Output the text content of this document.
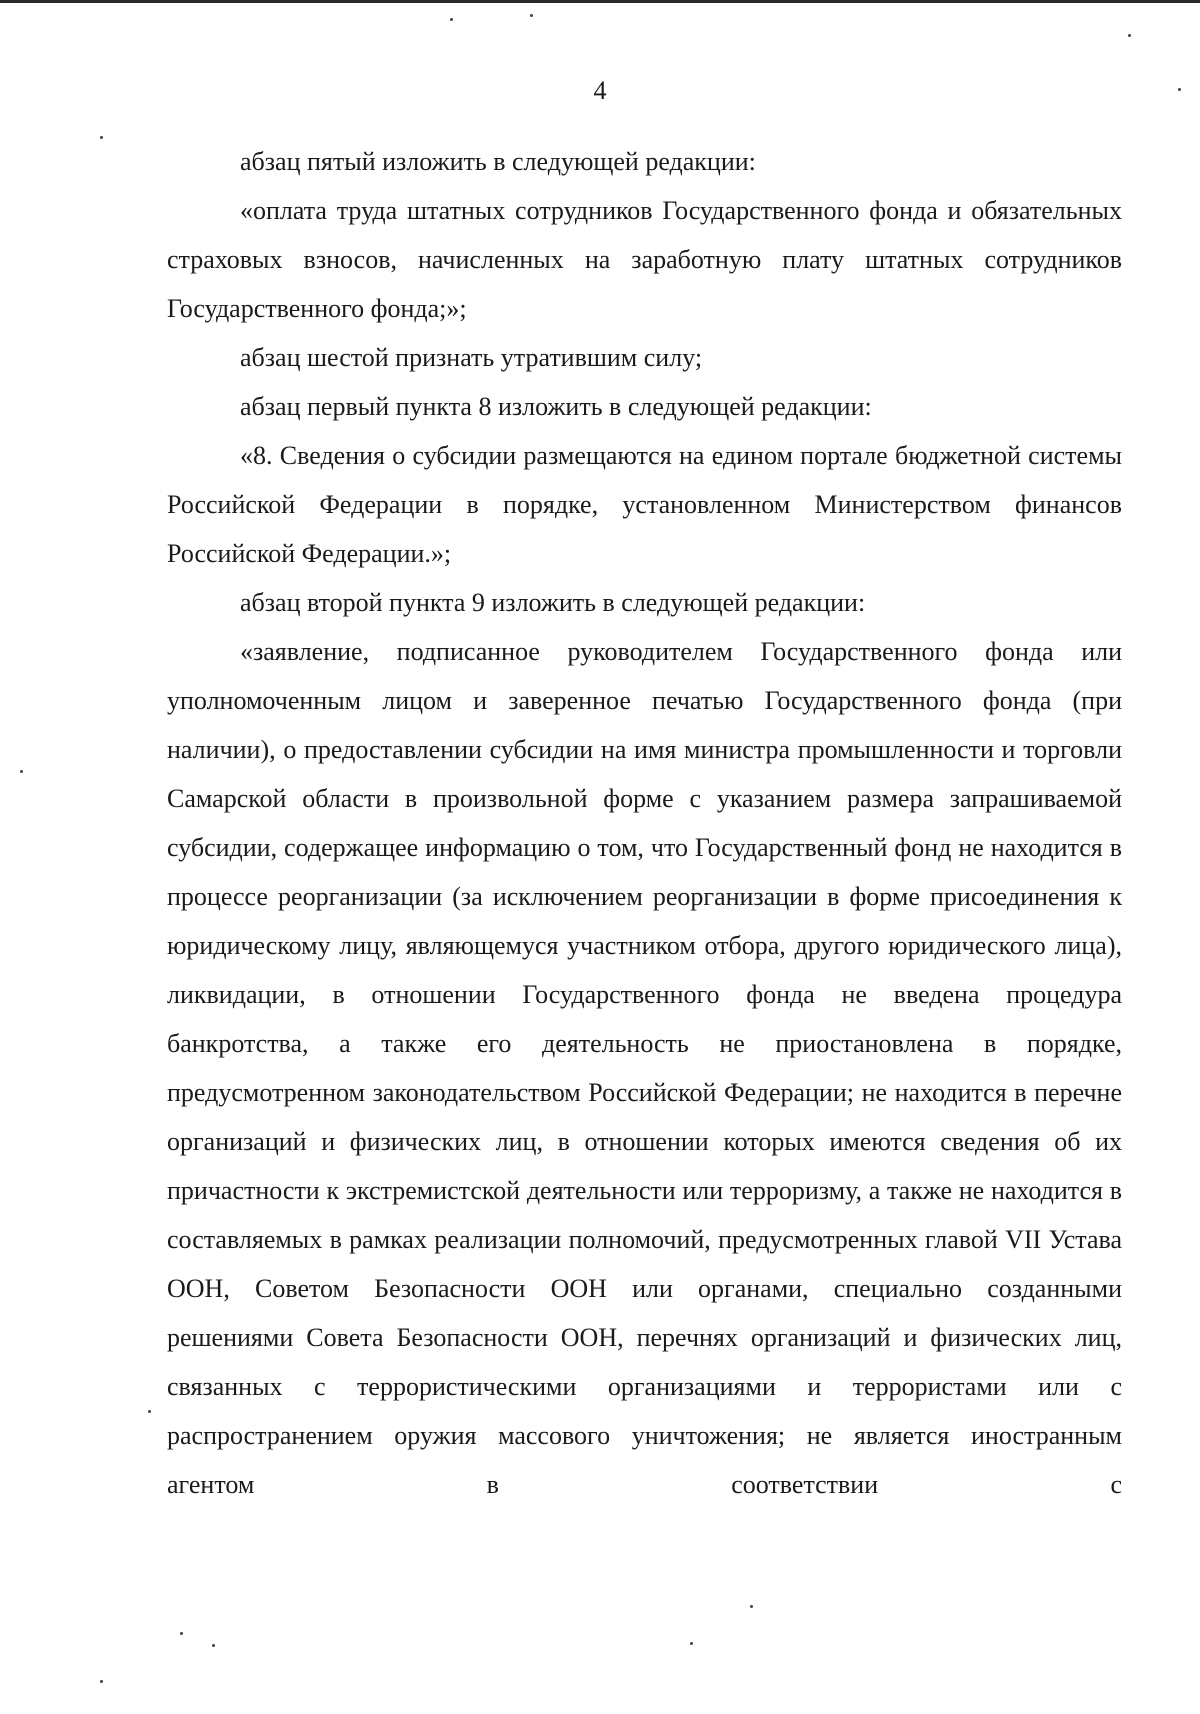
4

абзац пятый изложить в следующей редакции:

«оплата труда штатных сотрудников Государственного фонда и обязательных страховых взносов, начисленных на заработную плату штатных сотрудников Государственного фонда;»;

абзац шестой признать утратившим силу;

абзац первый пункта 8 изложить в следующей редакции:

«8. Сведения о субсидии размещаются на едином портале бюджетной системы Российской Федерации в порядке, установленном Министерством финансов Российской Федерации.»;

абзац второй пункта 9 изложить в следующей редакции:

«заявление, подписанное руководителем Государственного фонда или уполномоченным лицом и заверенное печатью Государственного фонда (при наличии), о предоставлении субсидии на имя министра промышленности и торговли Самарской области в произвольной форме с указанием размера запрашиваемой субсидии, содержащее информацию о том, что Государственный фонд не находится в процессе реорганизации (за исключением реорганизации в форме присоединения к юридическому лицу, являющемуся участником отбора, другого юридического лица), ликвидации, в отношении Государственного фонда не введена процедура банкротства, а также его деятельность не приостановлена в порядке, предусмотренном законодательством Российской Федерации; не находится в перечне организаций и физических лиц, в отношении которых имеются сведения об их причастности к экстремистской деятельности или терроризму, а также не находится в составляемых в рамках реализации полномочий, предусмотренных главой VII Устава ООН, Советом Безопасности ООН или органами, специально созданными решениями Совета Безопасности ООН, перечнях организаций и физических лиц, связанных с террористическими организациями и террористами или с распространением оружия массового уничтожения; не является иностранным агентом в соответствии с
